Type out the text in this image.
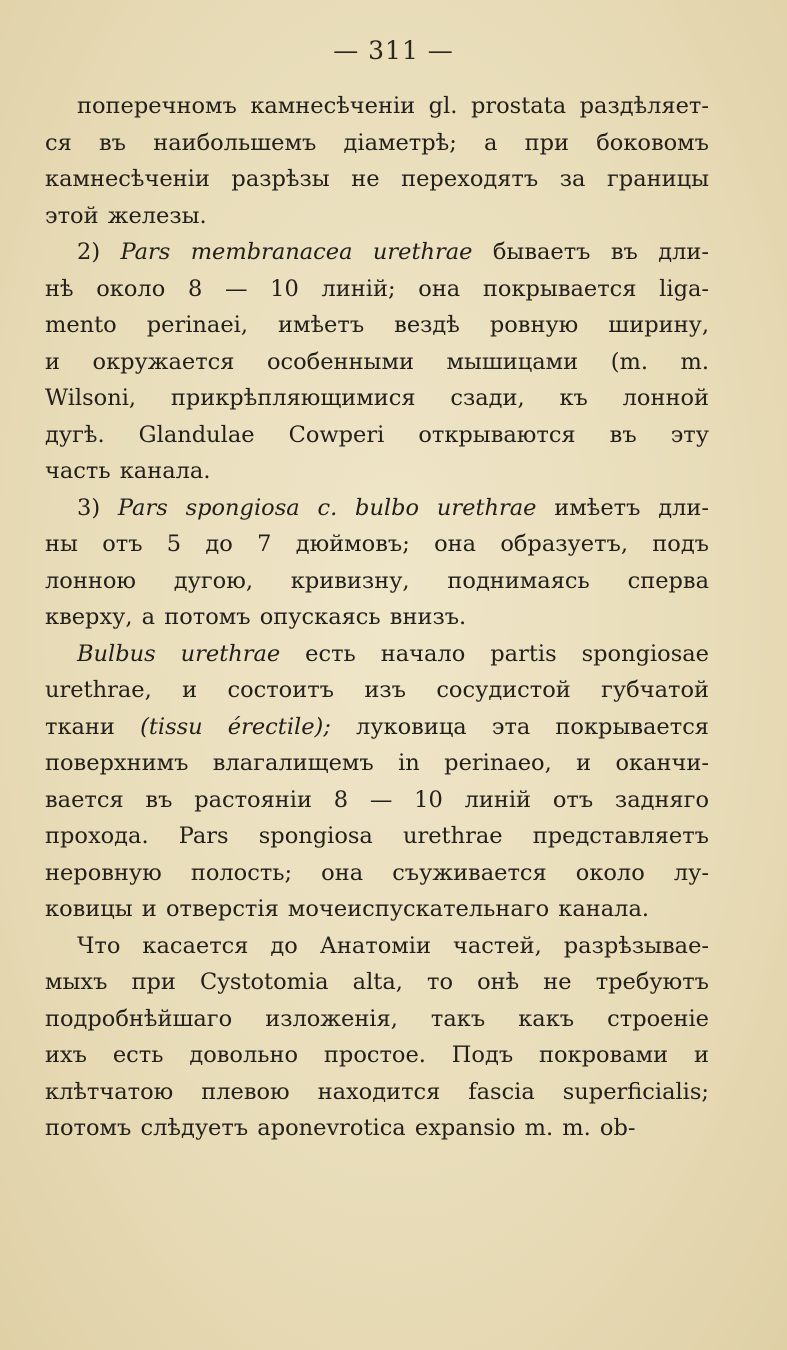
— 311 —
поперечномъ камнесѣченіи gl. prostata раздѣляет-
ся въ наибольшемъ діаметрѣ; а при боковомъ
камнесѣченіи разрѣзы не переходятъ за границы
этой железы.
2) Pars membranacea urethrae бываетъ въ дли-
нѣ около 8 — 10 линій; она покрывается liga-
mento perinaei, имѣетъ вездѣ ровную ширину,
и окружается особенными мышицами (m. m.
Wilsoni, прикрѣпляющимися сзади, къ лонной
дугѣ. Glandulae Cowperi открываются въ эту
часть канала.
3) Pars spongiosa c. bulbo urethrae имѣетъ дли-
ны отъ 5 до 7 дюймовъ; она образуетъ, подъ
лонною дугою, кривизну, поднимаясь сперва
кверху, а потомъ опускаясь внизъ.
Bulbus urethrae есть начало partis spongiosae
urethrae, и состоитъ изъ сосудистой губчатой
ткани (tissu érectile); луковица эта покрывается
поверхнимъ влагалищемъ in perinaeo, и оканчи-
вается въ растояніи 8 — 10 линій отъ задняго
прохода. Pars spongiosa urethrae представляетъ
неровную полость; она съуживается около лу-
ковицы и отверстія мочеиспускательнаго канала.
Что касается до Анатоміи частей, разрѣзывае-
мыхъ при Cystotomia alta, то онѣ не требуютъ
подробнѣйшаго изложенія, такъ какъ строеніе
ихъ есть довольно простое. Подъ покровами и
клѣтчатою плевою находится fascia superficialis;
потомъ слѣдуетъ aponevrotica expansio m. m. ob-
